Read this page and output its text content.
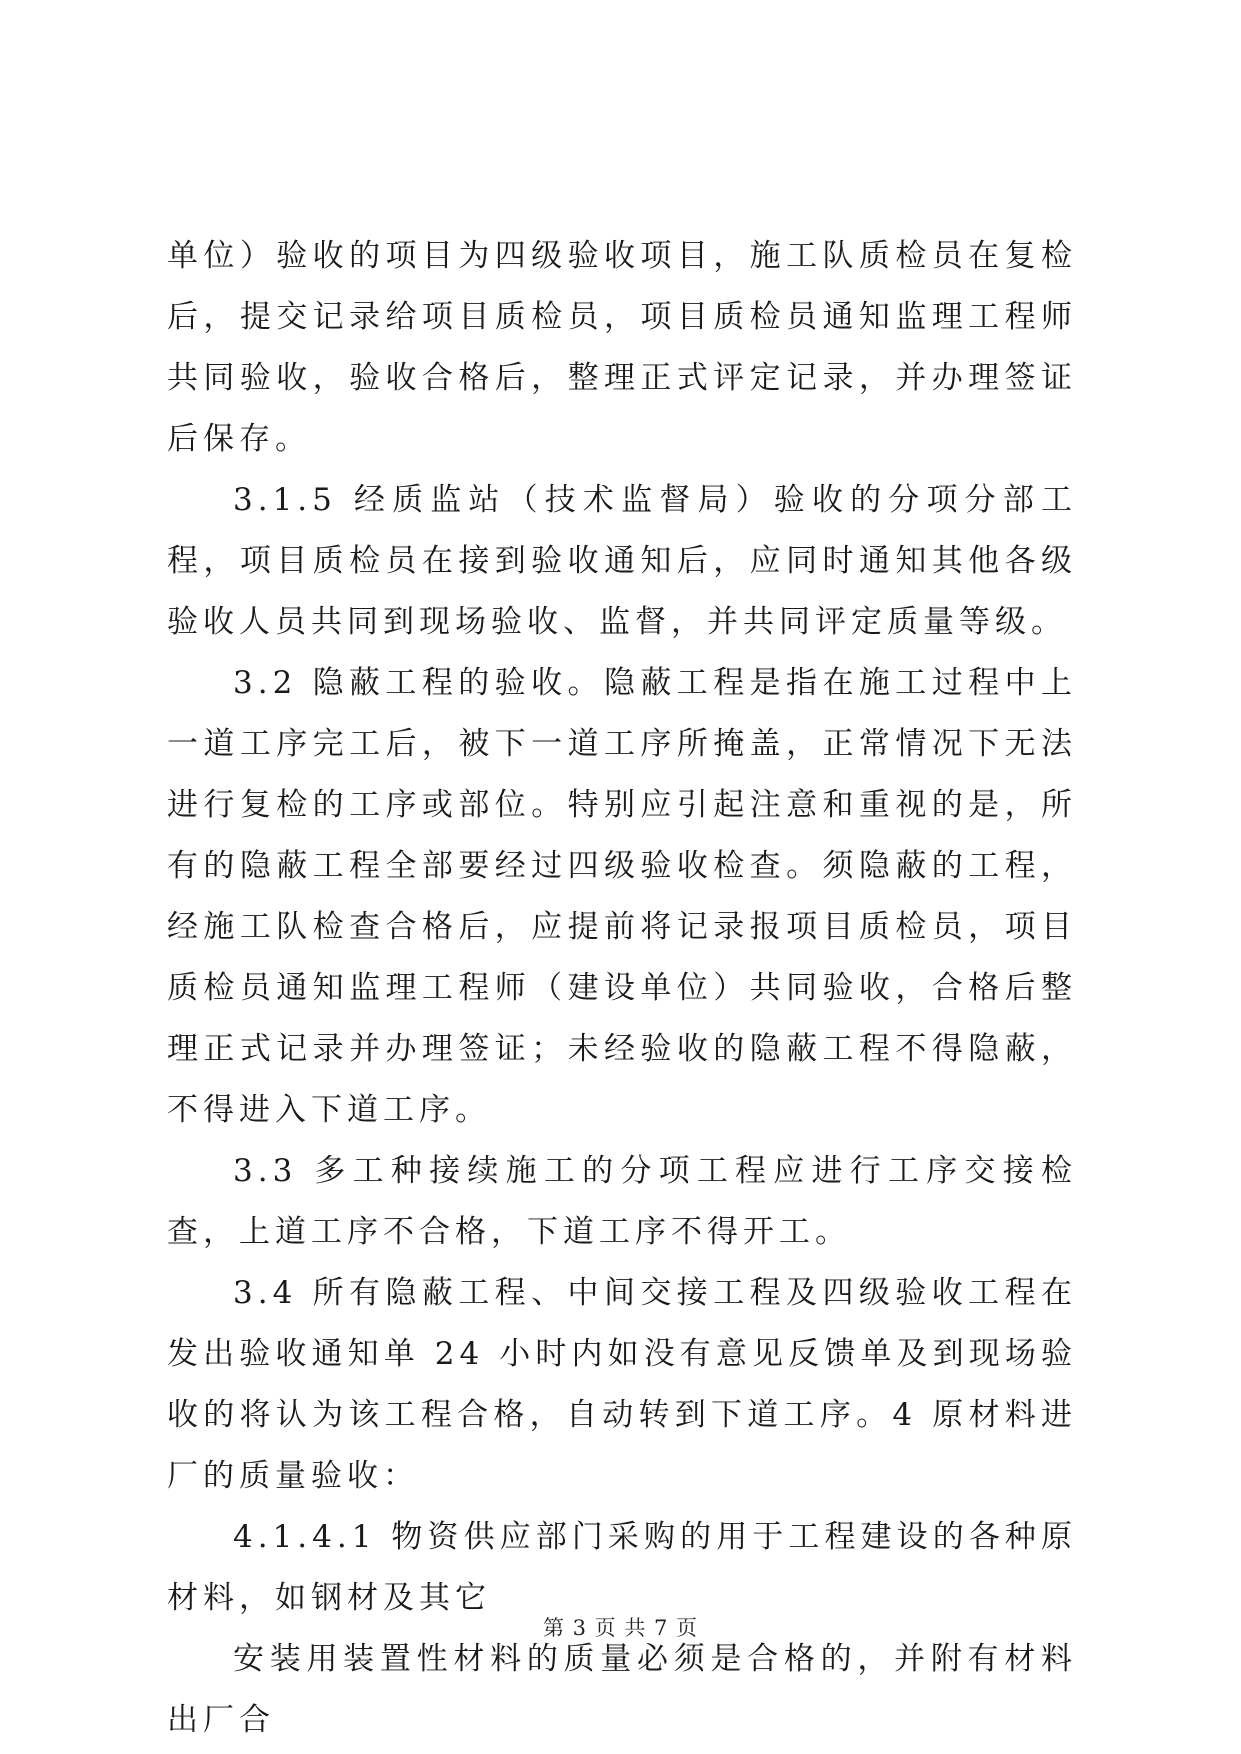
单位）验收的项目为四级验收项目，施工队质检员在复检后，提交记录给项目质检员，项目质检员通知监理工程师共同验收，验收合格后，整理正式评定记录，并办理签证后保存。

3.1.5 经质监站（技术监督局）验收的分项分部工程，项目质检员在接到验收通知后，应同时通知其他各级验收人员共同到现场验收、监督，并共同评定质量等级。

3.2 隐蔽工程的验收。隐蔽工程是指在施工过程中上一道工序完工后，被下一道工序所掩盖，正常情况下无法进行复检的工序或部位。特别应引起注意和重视的是，所有的隐蔽工程全部要经过四级验收检查。须隐蔽的工程，经施工队检查合格后，应提前将记录报项目质检员，项目质检员通知监理工程师（建设单位）共同验收，合格后整理正式记录并办理签证；未经验收的隐蔽工程不得隐蔽，不得进入下道工序。

3.3 多工种接续施工的分项工程应进行工序交接检查，上道工序不合格，下道工序不得开工。

3.4 所有隐蔽工程、中间交接工程及四级验收工程在发出验收通知单 24 小时内如没有意见反馈单及到现场验收的将认为该工程合格，自动转到下道工序。4 原材料进厂的质量验收：

4.1.4.1 物资供应部门采购的用于工程建设的各种原材料，如钢材及其它

安装用装置性材料的质量必须是合格的，并附有材料出厂合

第 3 页 共 7 页
